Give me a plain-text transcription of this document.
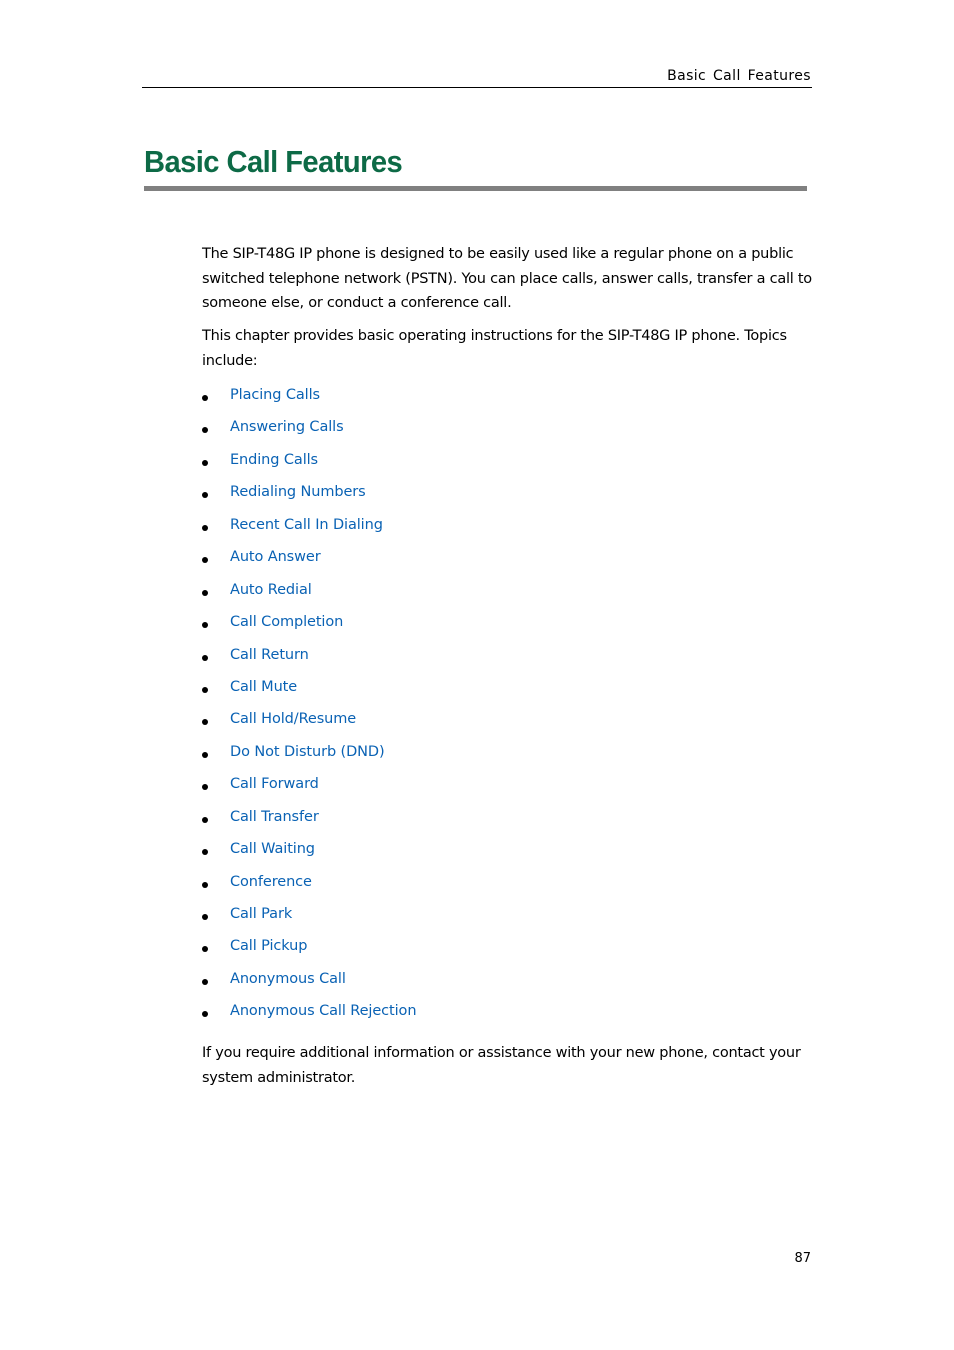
Basic Call Features
Basic Call Features

The SIP-T48G IP phone is designed to be easily used like a regular phone on a public switched telephone network (PSTN). You can place calls, answer calls, transfer a call to someone else, or conduct a conference call.

This chapter provides basic operating instructions for the SIP-T48G IP phone. Topics include:

Placing Calls
Answering Calls
Ending Calls
Redialing Numbers
Recent Call In Dialing
Auto Answer
Auto Redial
Call Completion
Call Return
Call Mute
Call Hold/Resume
Do Not Disturb (DND)
Call Forward
Call Transfer
Call Waiting
Conference
Call Park
Call Pickup
Anonymous Call
Anonymous Call Rejection

If you require additional information or assistance with your new phone, contact your system administrator.

87
